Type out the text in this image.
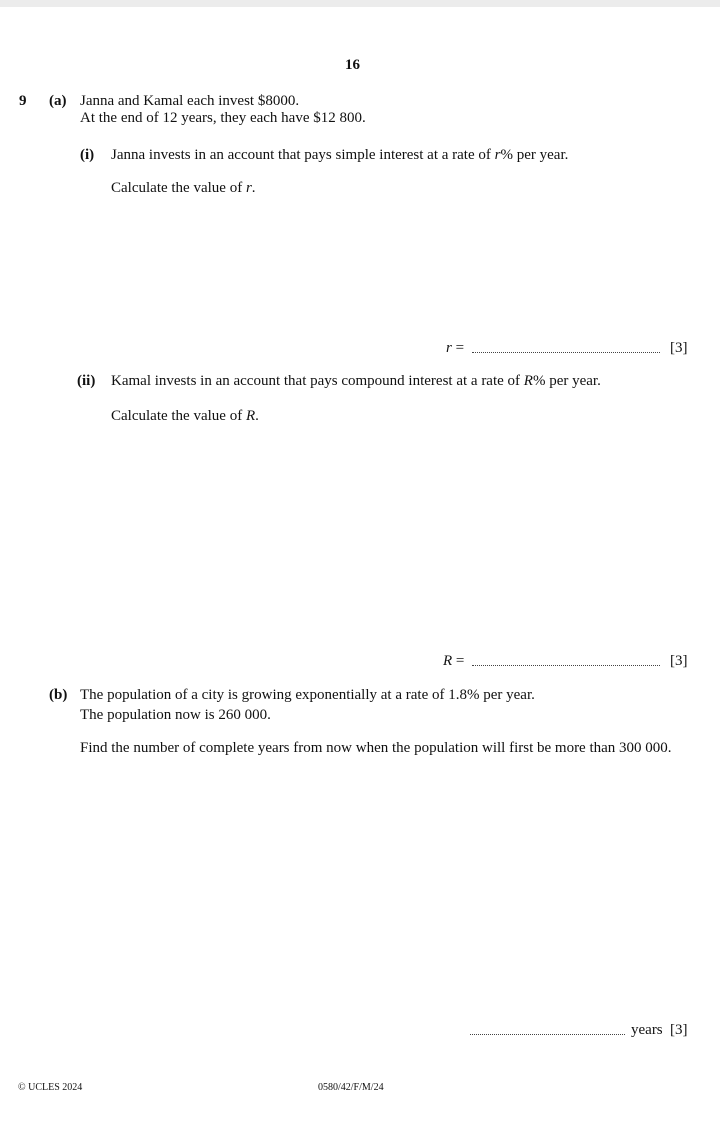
16
9 (a) Janna and Kamal each invest $8000.
At the end of 12 years, they each have $12 800.
(i) Janna invests in an account that pays simple interest at a rate of r% per year.
Calculate the value of r.
r =	[3]
(ii) Kamal invests in an account that pays compound interest at a rate of R% per year.
Calculate the value of R.
R =	[3]
(b) The population of a city is growing exponentially at a rate of 1.8% per year.
The population now is 260 000.
Find the number of complete years from now when the population will first be more than 300 000.
years [3]
© UCLES 2024	0580/42/F/M/24
